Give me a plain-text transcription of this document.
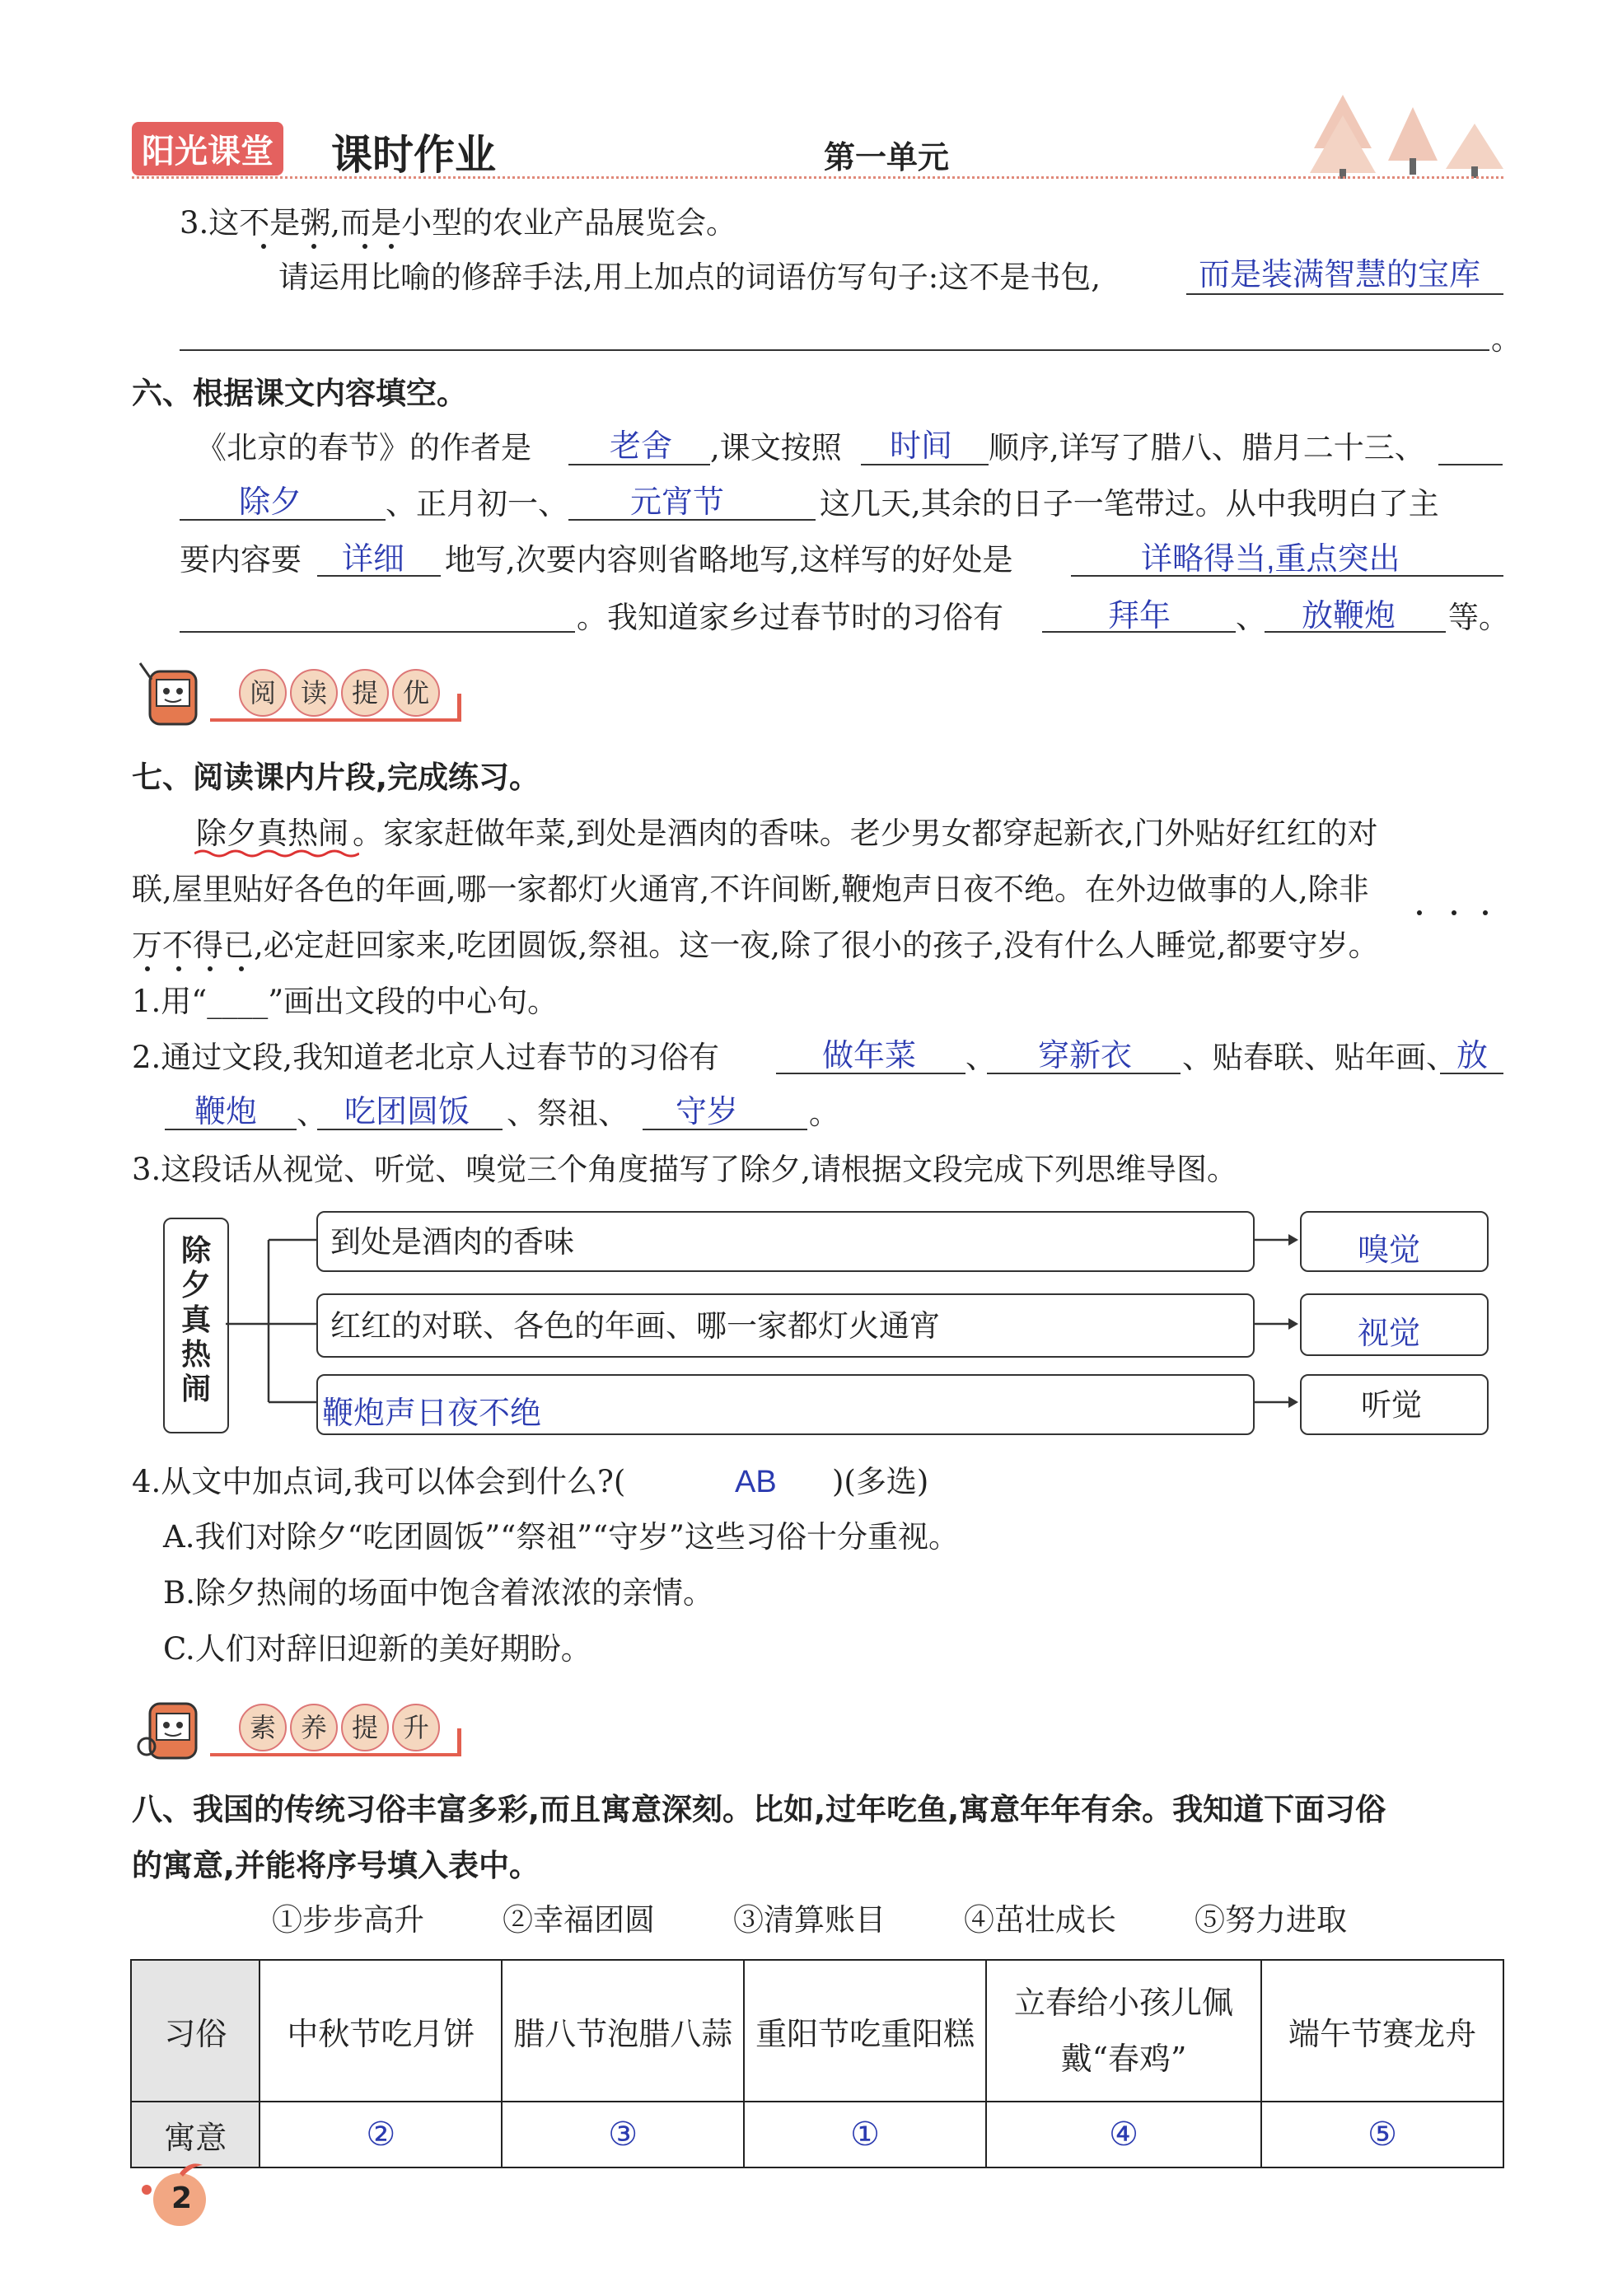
阳光课堂 课时作业	第一单元
3.这不是粥,而是小型的农业产品展览会。
请运用比喻的修辞手法,用上加点的词语仿写句子:这不是书包,	而是装满智慧的宝库
。
六、根据课文内容填空。
《北京的春节》的作者是	老舍 ,课文按照 时间 顺序,详写了腊八、腊月二十三、
除夕	、正月初一、 元宵节	这几天,其余的日子一笔带过。从中我明白了主
要内容要 详细 地写,次要内容则省略地写,这样写的好处是	详略得当,重点突出
。我知道家乡过春节时的习俗有	拜年 、 放鞭炮 等。
阅 读 提 优
七、阅读课内片段,完成练习。
除夕真热闹 。家家赶做年菜,到处是酒肉的香味。老少男女都穿起新衣,门外贴好红红的对
联,屋里贴好各色的年画,哪一家都灯火通宵,不许间断,鞭炮声日夜不绝。在外边做事的人,除非
万不得已,必定赶回家来,吃团圆饭,祭祖。这一夜,除了很小的孩子,没有什么人睡觉,都要守岁。
1.用“____”画出文段的中心句。
2.通过文段,我知道老北京人过春节的习俗有	做年菜 、 穿新衣 、贴春联、贴年画、 放
鞭炮 、 吃团圆饭 、祭祖、 守岁 。
3.这段话从视觉、听觉、嗅觉三个角度描写了除夕,请根据文段完成下列思维导图。
除
夕
真
热
闹
到处是酒肉的香味
红红的对联、各色的年画、哪一家都灯火通宵
鞭炮声日夜不绝
嗅觉
视觉
听觉
4.从文中加点词,我可以体会到什么?(	AB )(多选)
A.我们对除夕“吃团圆饭”“祭祖”“守岁”这些习俗十分重视。
B.除夕热闹的场面中饱含着浓浓的亲情。
C.人们对辞旧迎新的美好期盼。
素 养 提 升
八、我国的传统习俗丰富多彩,而且寓意深刻。比如,过年吃鱼,寓意年年有余。我知道下面习俗
的寓意,并能将序号填入表中。
①步步高升	②幸福团圆	③清算账目	④茁壮成长	⑤努力进取
习俗	中秋节吃月饼	腊八节泡腊八蒜	重阳节吃重阳糕	立春给小孩儿佩戴“春鸡”	端午节赛龙舟
寓意	②	③	①	④	⑤
2
